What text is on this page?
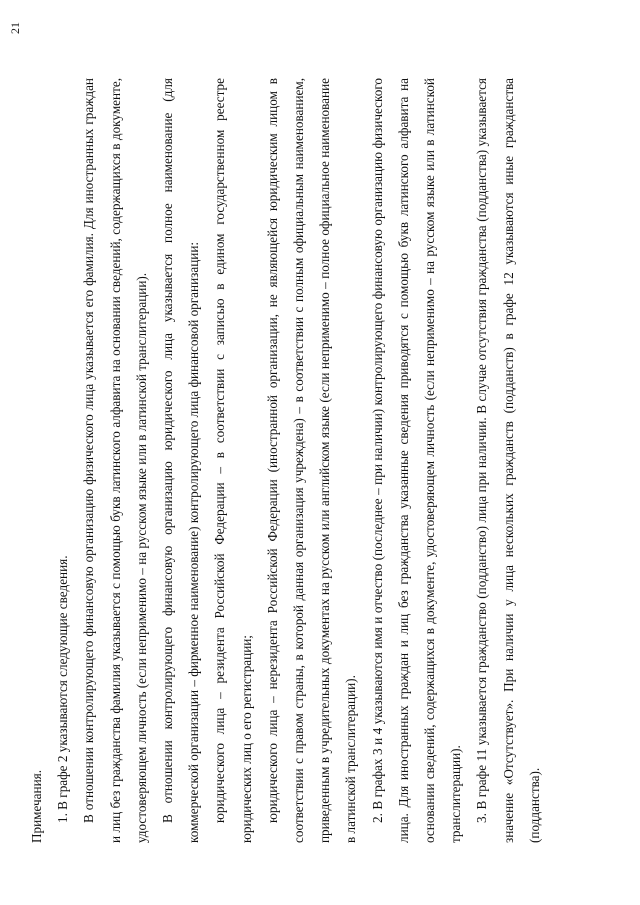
21

Примечания. 1. В графе 2 указываются следующие сведения. В отношении контролирующего финансовую организацию физического лица указывается его фамилия. Для иностранных граждан и лиц без гражданства фамилия указывается с помощью букв латинского алфавита на основании сведений, содержащихся в документе, удостоверяющем личность (если неприменимо – на русском языке или в латинской транслитерации). В отношении контролирующего финансовую организацию юридического лица указывается полное наименование (для коммерческой организации – фирменное наименование) контролирующего лица финансовой организации: юридического лица – резидента Российской Федерации – в соответствии с записью в едином государственном реестре юридических лиц о его регистрации; юридического лица – нерезидента Российской Федерации (иностранной организации, не являющейся юридическим лицом в соответствии с правом страны, в которой данная организация учреждена) – в соответствии с полным официальным наименованием, приведенным в учредительных документах на русском или английском языке (если неприменимо – полное официальное наименование в латинской транслитерации). 2. В графах 3 и 4 указываются имя и отчество (последнее – при наличии) контролирующего финансовую организацию физического лица. Для иностранных граждан и лиц без гражданства указанные сведения приводятся с помощью букв латинского алфавита на основании сведений, содержащихся в документе, удостоверяющем личность (если неприменимо – на русском языке или в латинской транслитерации). 3. В графе 11 указывается гражданство (подданство) лица при наличии. В случае отсутствия гражданства (подданства) указывается значение «Отсутствует». При наличии у лица нескольких гражданств (подданств) в графе 12 указываются иные гражданства (подданства).
